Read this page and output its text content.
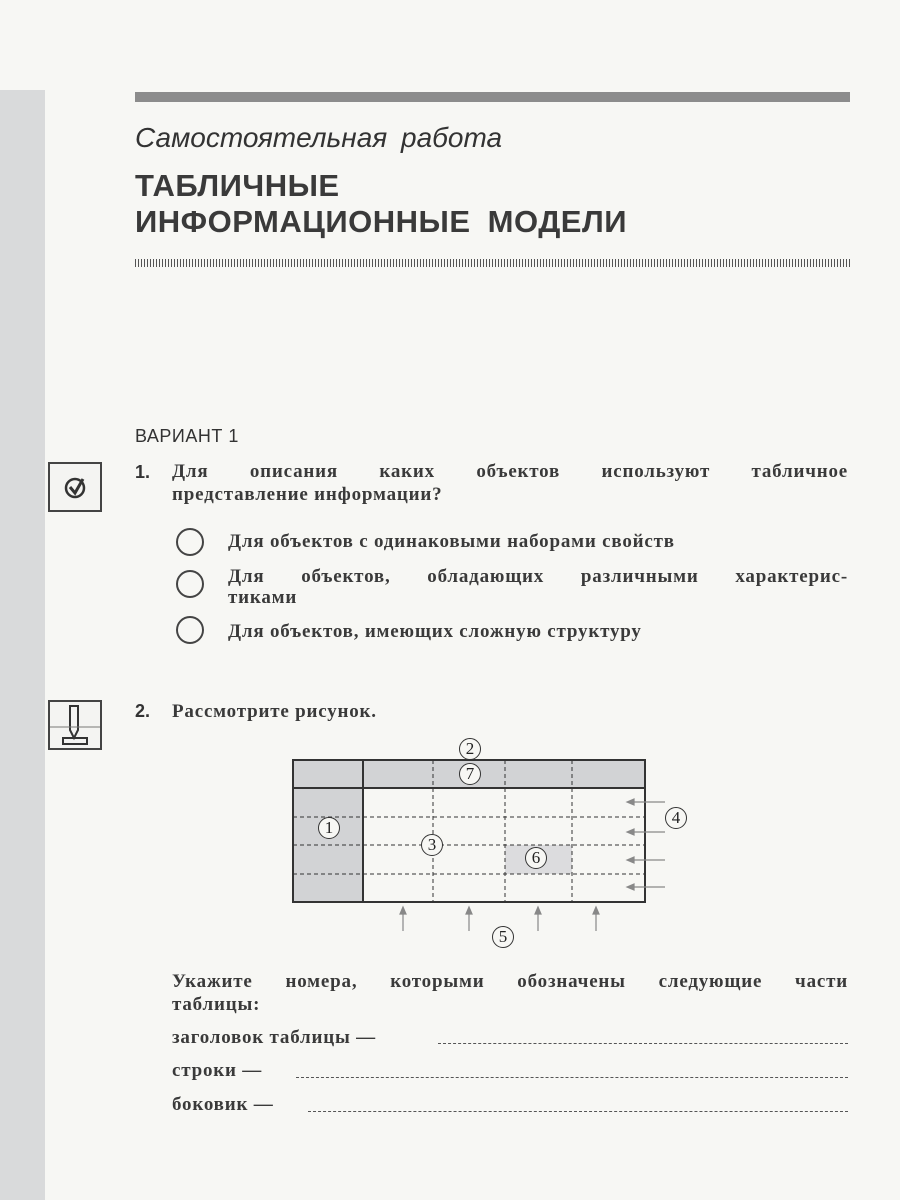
Самостоятельная работа
ТАБЛИЧНЫЕ
ИНФОРМАЦИОННЫЕ МОДЕЛИ
ВАРИАНТ 1
1. Для описания каких объектов используют табличное
представление информации?
Для объектов с одинаковыми наборами свойств
Для объектов, обладающих различными характерис-
тиками
Для объектов, имеющих сложную структуру
2. Рассмотрите рисунок.
2
7
1
3
6
4
5
Укажите номера, которыми обозначены следующие части
таблицы:
заголовок таблицы —
строки —
боковик —
